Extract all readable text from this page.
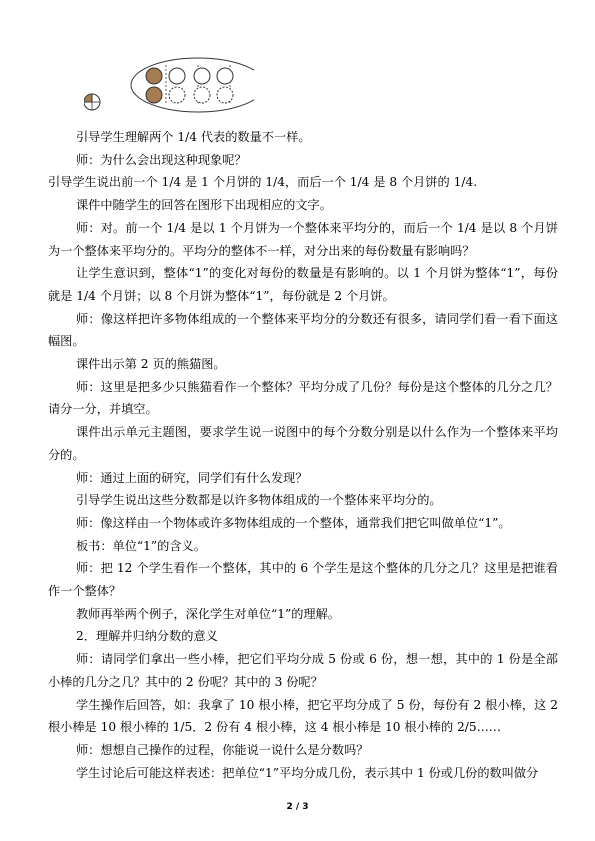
引导学生理解两个 1/4 代表的数量不一样。

师：为什么会出现这种现象呢？

引导学生说出前一个 1/4 是 1 个月饼的 1/4，而后一个 1/4 是 8 个月饼的 1/4.

课件中随学生的回答在图形下出现相应的文字。

师：对。前一个 1/4 是以 1 个月饼为一个整体来平均分的，而后一个 1/4 是以 8 个月饼为一个整体来平均分的。平均分的整体不一样，对分出来的每份数量有影响吗？

让学生意识到，整体“1”的变化对每份的数量是有影响的。以 1 个月饼为整体“1”，每份就是 1/4 个月饼；以 8 个月饼为整体“1”，每份就是 2 个月饼。

师：像这样把许多物体组成的一个整体来平均分的分数还有很多，请同学们看一看下面这幅图。

课件出示第 2 页的熊猫图。

师：这里是把多少只熊猫看作一个整体？平均分成了几份？每份是这个整体的几分之几？请分一分，并填空。

课件出示单元主题图，要求学生说一说图中的每个分数分别是以什么作为一个整体来平均分的。

师：通过上面的研究，同学们有什么发现？

引导学生说出这些分数都是以许多物体组成的一个整体来平均分的。

师：像这样由一个物体或许多物体组成的一个整体，通常我们把它叫做单位“1”。

板书：单位“1”的含义。

师：把 12 个学生看作一个整体，其中的 6 个学生是这个整体的几分之几？这里是把谁看作一个整体？

教师再举两个例子，深化学生对单位“1”的理解。

2．理解并归纳分数的意义

师：请同学们拿出一些小棒，把它们平均分成 5 份或 6 份，想一想，其中的 1 份是全部小棒的几分之几？其中的 2 份呢？其中的 3 份呢？

学生操作后回答，如：我拿了 10 根小棒，把它平均分成了 5 份，每份有 2 根小棒，这 2 根小棒是 10 根小棒的 1/5．2 份有 4 根小棒，这 4 根小棒是 10 根小棒的 2/5……

师：想想自己操作的过程，你能说一说什么是分数吗？

学生讨论后可能这样表述：把单位“1”平均分成几份，表示其中 1 份或几份的数叫做分

2 / 3
